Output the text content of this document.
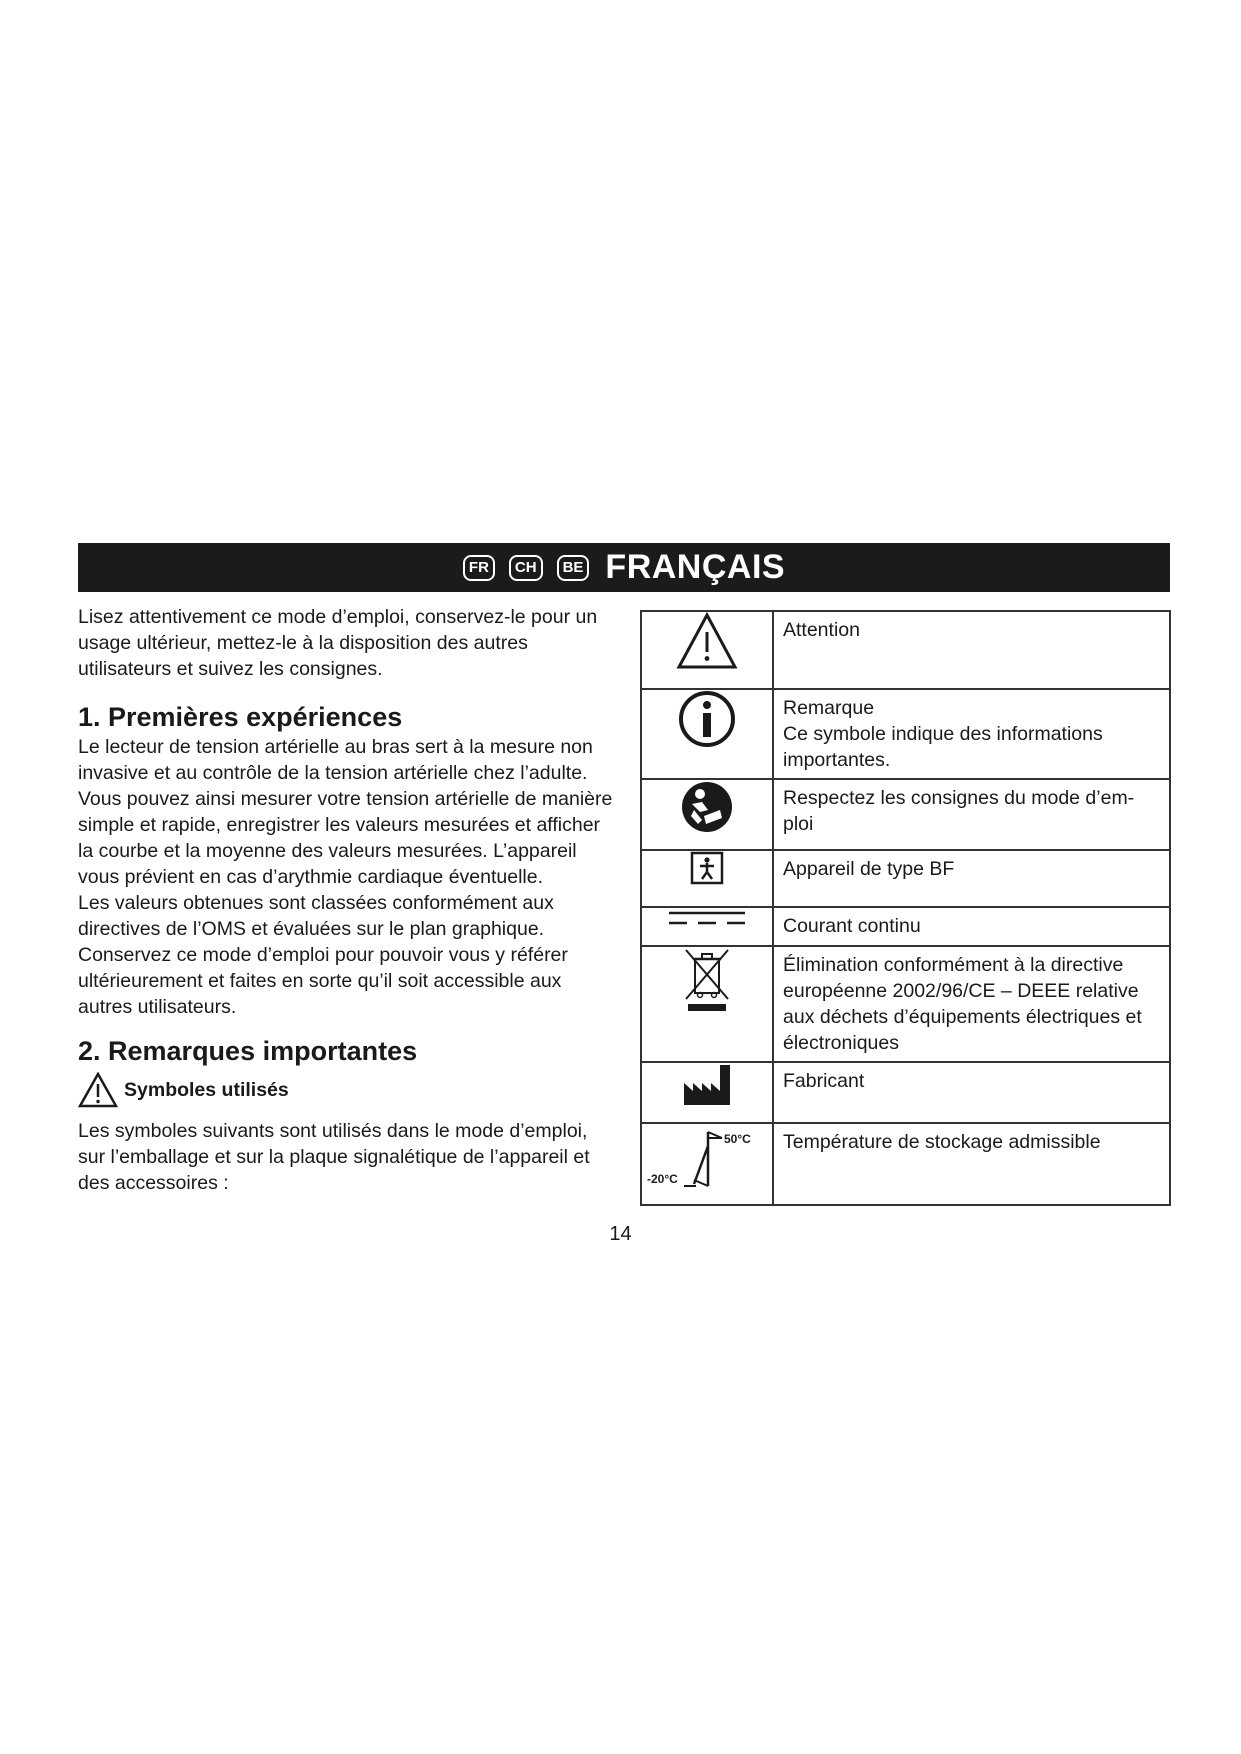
FR	CH	BE FRANÇAIS

Lisez attentivement ce mode d’emploi, conservez-le pour un usage ultérieur, mettez-le à la disposition des autres utilisateurs et suivez les consignes.

1. Premières expériences

Le lecteur de tension artérielle au bras sert à la mesure non invasive et au contrôle de la tension artérielle chez l’adulte.

Vous pouvez ainsi mesurer votre tension artérielle de manière simple et rapide, enregistrer les valeurs mesurées et afficher la courbe et la moyenne des valeurs mesurées. L’appareil vous prévient en cas d’arythmie cardiaque éventuelle.

Les valeurs obtenues sont classées conformément aux directives de l’OMS et évaluées sur le plan graphique.

Conservez ce mode d’emploi pour pouvoir vous y référer ultérieurement et faites en sorte qu’il soit accessible aux autres utilisateurs.

2. Remarques importantes
Symboles utilisés

Les symboles suivants sont utilisés dans le mode d’emploi, sur l’emballage et sur la plaque signalétique de l’appareil et des accessoires :

	Attention

	Remarque
Ce symbole indique des informations importantes.

	Respectez les consignes du mode d’em-
ploi

	Appareil de type BF

	Courant continu

	Élimination conformément à la directive européenne 2002/96/CE – DEEE relative aux déchets d’équipements électriques et électroniques

	Fabricant

50°C
-20°C	Température de stockage admissible
14
